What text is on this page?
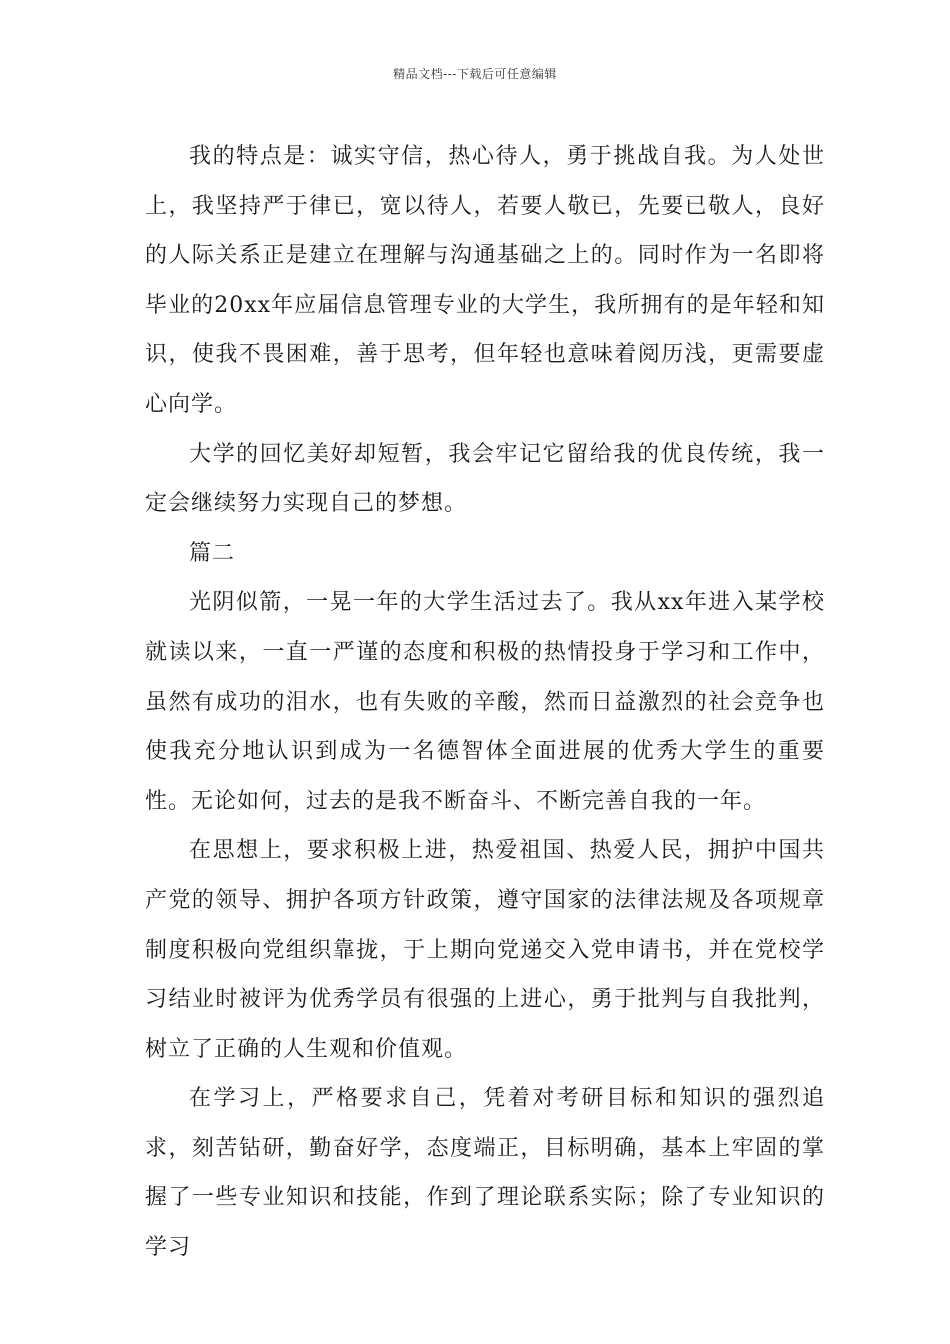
精品文档---下载后可任意编辑

我的特点是：诚实守信，热心待人，勇于挑战自我。为人处世上，我坚持严于律已，宽以待人，若要人敬已，先要已敬人，良好的人际关系正是建立在理解与沟通基础之上的。同时作为一名即将毕业的20xx年应届信息管理专业的大学生，我所拥有的是年轻和知识，使我不畏困难，善于思考，但年轻也意味着阅历浅，更需要虚心向学。

大学的回忆美好却短暂，我会牢记它留给我的优良传统，我一定会继续努力实现自己的梦想。

篇二

光阴似箭，一晃一年的大学生活过去了。我从xx年进入某学校就读以来，一直一严谨的态度和积极的热情投身于学习和工作中，虽然有成功的泪水，也有失败的辛酸，然而日益激烈的社会竞争也使我充分地认识到成为一名德智体全面进展的优秀大学生的重要性。无论如何，过去的是我不断奋斗、不断完善自我的一年。

在思想上，要求积极上进，热爱祖国、热爱人民，拥护中国共产党的领导、拥护各项方针政策，遵守国家的法律法规及各项规章制度积极向党组织靠拢，于上期向党递交入党申请书，并在党校学习结业时被评为优秀学员有很强的上进心，勇于批判与自我批判，树立了正确的人生观和价值观。

在学习上，严格要求自己，凭着对考研目标和知识的强烈追求，刻苦钻研，勤奋好学，态度端正，目标明确，基本上牢固的掌握了一些专业知识和技能，作到了理论联系实际；除了专业知识的学习
